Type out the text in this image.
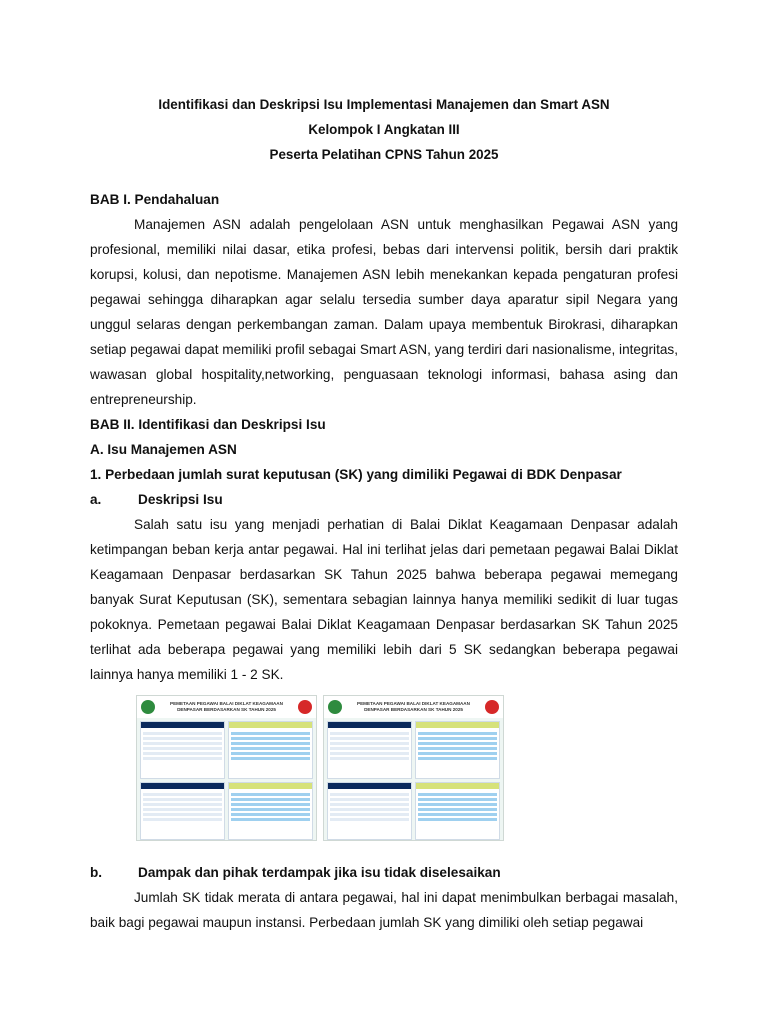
Identifikasi dan Deskripsi Isu Implementasi Manajemen dan Smart ASN
Kelompok I Angkatan III
Peserta Pelatihan CPNS Tahun 2025
BAB I. Pendahaluan
Manajemen ASN adalah pengelolaan ASN untuk menghasilkan Pegawai ASN yang profesional, memiliki nilai dasar, etika profesi, bebas dari intervensi politik, bersih dari praktik korupsi, kolusi, dan nepotisme. Manajemen ASN lebih menekankan kepada pengaturan profesi pegawai sehingga diharapkan agar selalu tersedia sumber daya aparatur sipil Negara yang unggul selaras dengan perkembangan zaman. Dalam upaya membentuk Birokrasi, diharapkan setiap pegawai dapat memiliki profil sebagai Smart ASN, yang terdiri dari nasionalisme, integritas, wawasan global hospitality,networking, penguasaan teknologi informasi, bahasa asing dan entrepreneurship.
BAB II. Identifikasi dan Deskripsi Isu
A. Isu Manajemen ASN
1. Perbedaan jumlah surat keputusan (SK) yang dimiliki Pegawai di BDK Denpasar
a.	Deskripsi Isu
Salah satu isu yang menjadi perhatian di Balai Diklat Keagamaan Denpasar adalah ketimpangan beban kerja antar pegawai. Hal ini terlihat jelas dari pemetaan pegawai Balai Diklat Keagamaan Denpasar berdasarkan SK Tahun 2025 bahwa beberapa pegawai memegang banyak Surat Keputusan (SK), sementara sebagian lainnya hanya memiliki sedikit di luar tugas pokoknya. Pemetaan pegawai Balai Diklat Keagamaan Denpasar berdasarkan SK Tahun 2025 terlihat ada beberapa pegawai yang memiliki lebih dari 5 SK sedangkan beberapa pegawai lainnya hanya memiliki 1 - 2 SK.
PEMETAAN PEGAWAI BALAI DIKLAT KEAGAMAAN DENPASAR BERDASARKAN SK TAHUN 2025
PEMETAAN PEGAWAI BALAI DIKLAT KEAGAMAAN DENPASAR BERDASARKAN SK TAHUN 2025
b.	Dampak dan pihak terdampak jika isu tidak diselesaikan
Jumlah SK tidak merata di antara pegawai, hal ini dapat menimbulkan berbagai masalah, baik bagi pegawai maupun instansi. Perbedaan jumlah SK yang dimiliki oleh setiap pegawai
